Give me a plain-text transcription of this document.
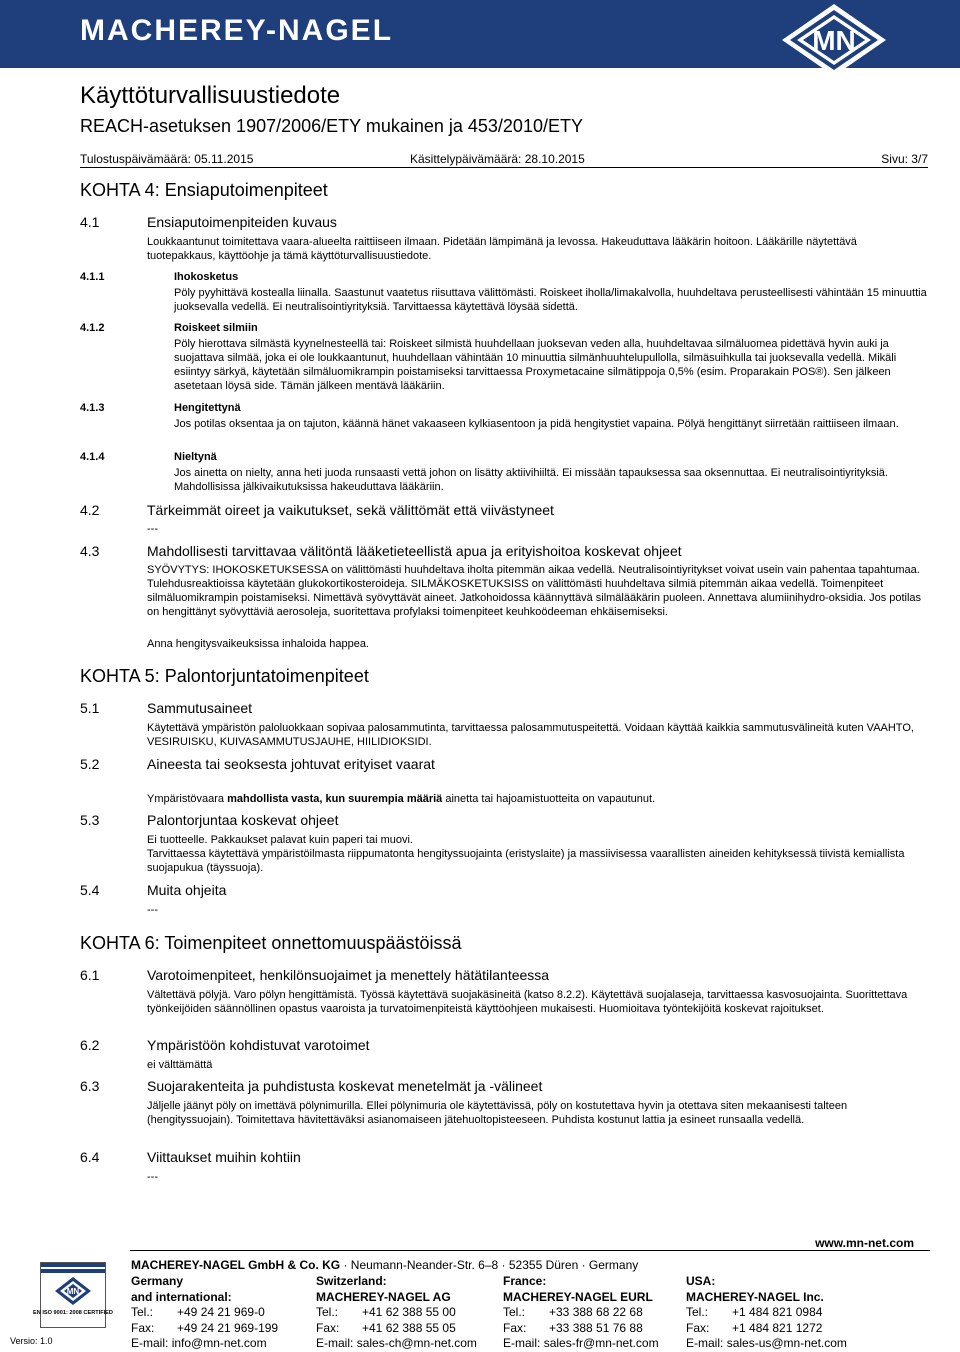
MACHEREY-NAGEL	MN
Käyttöturvallisuustiedote
REACH-asetuksen 1907/2006/ETY mukainen ja 453/2010/ETY
Tulostuspäivämäärä: 05.11.2015	Käsittelypäivämäärä: 28.10.2015	Sivu: 3/7
KOHTA 4: Ensiaputoimenpiteet
4.1	Ensiaputoimenpiteiden kuvaus
Loukkaantunut toimitettava vaara-alueelta raittiiseen ilmaan. Pidetään lämpimänä ja levossa. Hakeuduttava lääkärin hoitoon. Lääkärille näytettävä tuotepakkaus, käyttöohje ja tämä käyttöturvallisuustiedote.
4.1.1	Ihokosketus
Pöly pyyhittävä kostealla liinalla. Saastunut vaatetus riisuttava välittömästi. Roiskeet iholla/limakalvolla, huuhdeltava perusteellisesti vähintään 15 minuuttia juoksevalla vedellä. Ei neutralisointiyrityksiä. Tarvittaessa käytettävä löysää sidettä.
4.1.2	Roiskeet silmiin
Pöly hierottava silmästä kyynelnesteellä tai: Roiskeet silmistä huuhdellaan juoksevan veden alla, huuhdeltavaa silmäluomea pidettävä hyvin auki ja suojattava silmää, joka ei ole loukkaantunut, huuhdellaan vähintään 10 minuuttia silmänhuuhtelupullolla, silmäsuihkulla tai juoksevalla vedellä. Mikäli esiintyy särkyä, käytetään silmäluomikrampin poistamiseksi tarvittaessa Proxymetacaine silmätippoja 0,5% (esim. Proparakain POS®). Sen jälkeen asetetaan löysä side. Tämän jälkeen mentävä lääkäriin.
4.1.3	Hengitettynä
Jos potilas oksentaa ja on tajuton, käännä hänet vakaaseen kylkiasentoon ja pidä hengitystiet vapaina. Pölyä hengittänyt siirretään raittiiseen ilmaan.
4.1.4	Nieltynä
Jos ainetta on nielty, anna heti juoda runsaasti vettä johon on lisätty aktiivihiiltä. Ei missään tapauksessa saa oksennuttaa. Ei neutralisointiyrityksiä. Mahdollisissa jälkivaikutuksissa hakeuduttava lääkäriin.
4.2	Tärkeimmät oireet ja vaikutukset, sekä välittömät että viivästyneet
---
4.3	Mahdollisesti tarvittavaa välitöntä lääketieteellistä apua ja erityishoitoa koskevat ohjeet
SYÖVYTYS: IHOKOSKETUKSESSA on välittömästi huuhdeltava iholta pitemmän aikaa vedellä. Neutralisointiyritykset voivat usein vain pahentaa tapahtumaa. Tulehdusreaktioissa käytetään glukokortikosteroideja. SILMÄKOSKETUKSISS on välittömästi huuhdeltava silmiä pitemmän aikaa vedellä. Toimenpiteet silmäluomikrampin poistamiseksi. Nimettävä syövyttävät aineet. Jatkohoidossa käännyttävä silmälääkärin puoleen. Annettava alumiinihydro-oksidia. Jos potilas on hengittänyt syövyttäviä aerosoleja, suoritettava profylaksi toimenpiteet keuhkoödeeman ehkäisemiseksi.
Anna hengitysvaikeuksissa inhaloida happea.
KOHTA 5: Palontorjuntatoimenpiteet
5.1	Sammutusaineet
Käytettävä ympäristön paloluokkaan sopivaa palosammutinta, tarvittaessa palosammutuspeitettä. Voidaan käyttää kaikkia sammutusvälineitä kuten VAAHTO, VESIRUISKU, KUIVASAMMUTUSJAUHE, HIILIDIOKSIDI.
5.2	Aineesta tai seoksesta johtuvat erityiset vaarat
Ympäristövaara mahdollista vasta, kun suurempia määriä ainetta tai hajoamistuotteita on vapautunut.
5.3	Palontorjuntaa koskevat ohjeet
Ei tuotteelle. Pakkaukset palavat kuin paperi tai muovi.
Tarvittaessa käytettävä ympäristöilmasta riippumatonta hengityssuojainta (eristyslaite) ja massiivisessa vaarallisten aineiden kehityksessä tiivistä kemiallista suojapukua (täyssuoja).
5.4	Muita ohjeita
---
KOHTA 6: Toimenpiteet onnettomuuspäästöissä
6.1	Varotoimenpiteet, henkilönsuojaimet ja menettely hätätilanteessa
Vältettävä pölyjä. Varo pölyn hengittämistä. Työssä käytettävä suojakäsineitä (katso 8.2.2). Käytettävä suojalaseja, tarvittaessa kasvosuojainta. Suorittettava työnkeijöiden säännöllinen opastus vaaroista ja turvatoimenpiteistä käyttöohjeen mukaisesti. Huomioitava työntekijöitä koskevat rajoitukset.
6.2	Ympäristöön kohdistuvat varotoimet
ei välttämättä
6.3	Suojarakenteita ja puhdistusta koskevat menetelmät ja -välineet
Jäljelle jäänyt pöly on imettävä pölynimurilla. Ellei pölynimuria ole käytettävissä, pöly on kostutettava hyvin ja otettava siten mekaanisesti talteen (hengityssuojain). Toimitettava hävitettäväksi asianomaiseen jätehuoltopisteeseen. Puhdista kostunut lattia ja esineet runsaalla vedellä.
6.4	Viittaukset muihin kohtiin
---
www.mn-net.com
MACHEREY-NAGEL GmbH & Co. KG · Neumann-Neander-Str. 6–8 · 52355 Düren · Germany
MN
EN ISO 9001: 2008 CERTIFIED
Versio: 1.0
Germany
and international:
Tel.: +49 24 21 969-0
Fax: +49 24 21 969-199
E-mail: info@mn-net.com
Switzerland:
MACHEREY-NAGEL AG
Tel.: +41 62 388 55 00
Fax: +41 62 388 55 05
E-mail: sales-ch@mn-net.com
France:
MACHEREY-NAGEL EURL
Tel.: +33 388 68 22 68
Fax: +33 388 51 76 88
E-mail: sales-fr@mn-net.com
USA:
MACHEREY-NAGEL Inc.
Tel.: +1 484 821 0984
Fax: +1 484 821 1272
E-mail: sales-us@mn-net.com
